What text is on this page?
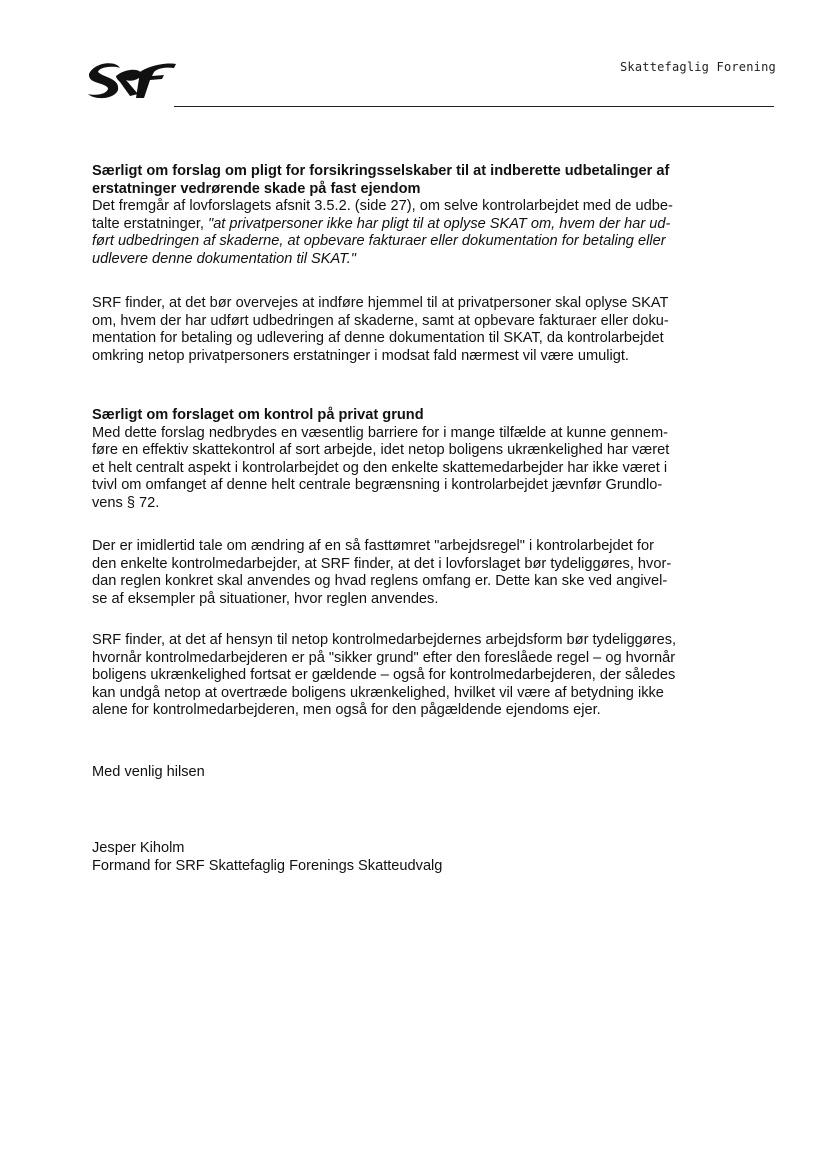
Skattefaglig Forening

Særligt om forslag om pligt for forsikringsselskaber til at indberette udbetalinger af

erstatninger vedrørende skade på fast ejendom

Det fremgår af lovforslagets afsnit 3.5.2. (side 27), om selve kontrolarbejdet med de udbe-

talte erstatninger, "at privatpersoner ikke har pligt til at oplyse SKAT om, hvem der har ud-

ført udbedringen af skaderne, at opbevare fakturaer eller dokumentation for betaling eller

udlevere denne dokumentation til SKAT."

SRF finder, at det bør overvejes at indføre hjemmel til at privatpersoner skal oplyse SKAT

om, hvem der har udført udbedringen af skaderne, samt at opbevare fakturaer eller doku-

mentation for betaling og udlevering af denne dokumentation til SKAT, da kontrolarbejdet

omkring netop privatpersoners erstatninger i modsat fald nærmest vil være umuligt.

Særligt om forslaget om kontrol på privat grund

Med dette forslag nedbrydes en væsentlig barriere for i mange tilfælde at kunne gennem-

føre en effektiv skattekontrol af sort arbejde, idet netop boligens ukrænkelighed har været

et helt centralt aspekt i kontrolarbejdet og den enkelte skattemedarbejder har ikke været i

tvivl om omfanget af denne helt centrale begrænsning i kontrolarbejdet jævnfør Grundlo-

vens § 72.

Der er imidlertid tale om ændring af en så fasttømret "arbejdsregel" i kontrolarbejdet for

den enkelte kontrolmedarbejder, at SRF finder, at det i lovforslaget bør tydeliggøres, hvor-

dan reglen konkret skal anvendes og hvad reglens omfang er. Dette kan ske ved angivel-

se af eksempler på situationer, hvor reglen anvendes.

SRF finder, at det af hensyn til netop kontrolmedarbejdernes arbejdsform bør tydeliggøres,

hvornår kontrolmedarbejderen er på "sikker grund" efter den foreslåede regel – og hvornår

boligens ukrænkelighed fortsat er gældende – også for kontrolmedarbejderen, der således

kan undgå netop at overtræde boligens ukrænkelighed, hvilket vil være af betydning ikke

alene for kontrolmedarbejderen, men også for den pågældende ejendoms ejer.

Med venlig hilsen
Jesper Kiholm
Formand for SRF Skattefaglig Forenings Skatteudvalg
